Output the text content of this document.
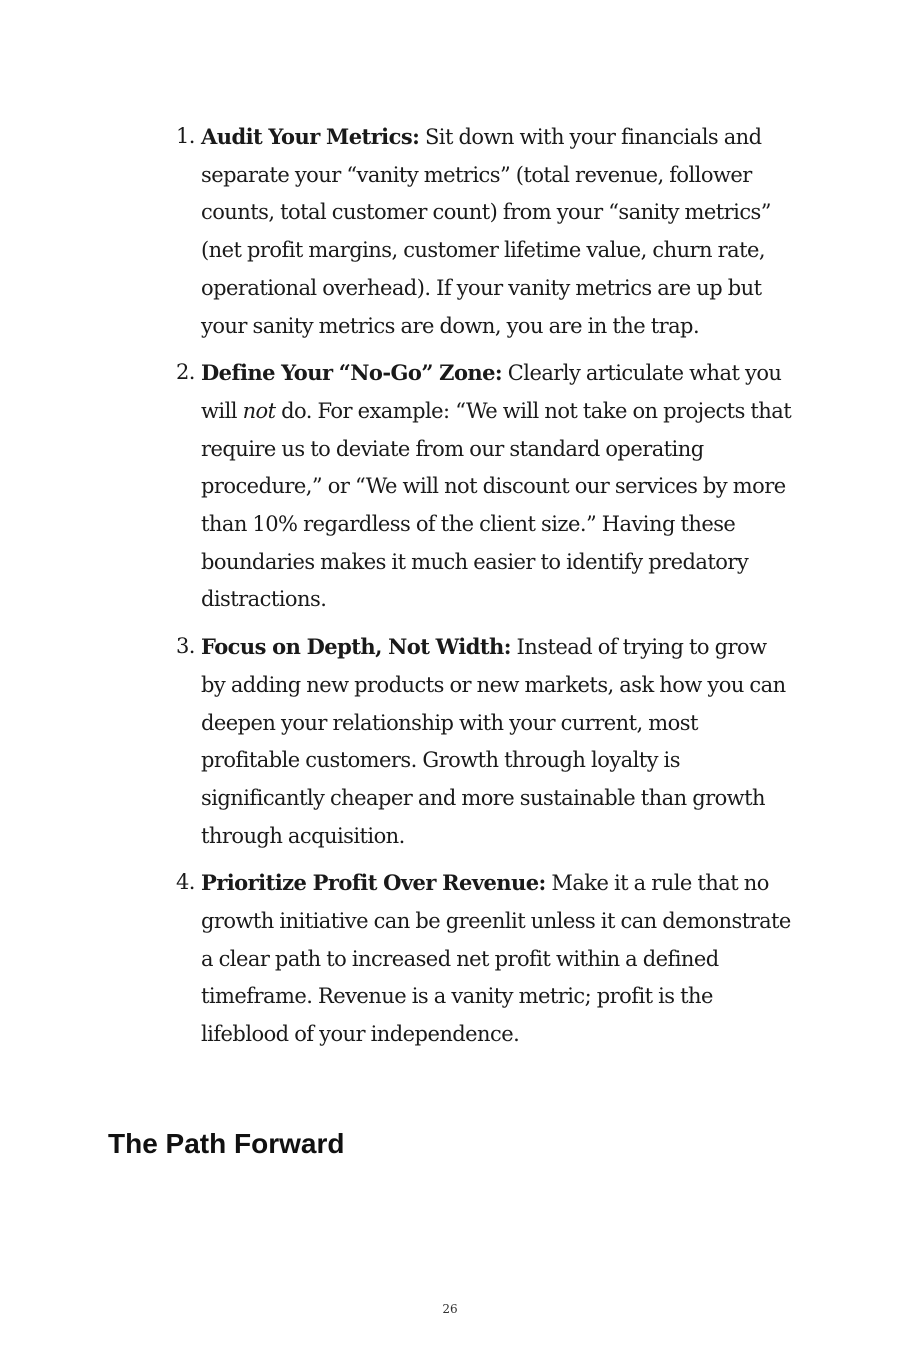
1. Audit Your Metrics: Sit down with your financials and separate your “vanity metrics” (total revenue, follower counts, total customer count) from your “sanity metrics” (net profit margins, customer lifetime value, churn rate, operational overhead). If your vanity metrics are up but your sanity metrics are down, you are in the trap.
2. Define Your “No-Go” Zone: Clearly articulate what you will not do. For example: “We will not take on projects that require us to deviate from our standard operating procedure,” or “We will not discount our services by more than 10% regardless of the client size.” Having these boundaries makes it much easier to identify predatory distractions.
3. Focus on Depth, Not Width: Instead of trying to grow by adding new products or new markets, ask how you can deepen your relationship with your current, most profitable customers. Growth through loyalty is significantly cheaper and more sustainable than growth through acquisition.
4. Prioritize Profit Over Revenue: Make it a rule that no growth initiative can be greenlit unless it can demonstrate a clear path to increased net profit within a defined timeframe. Revenue is a vanity metric; profit is the lifeblood of your independence.
The Path Forward
26
